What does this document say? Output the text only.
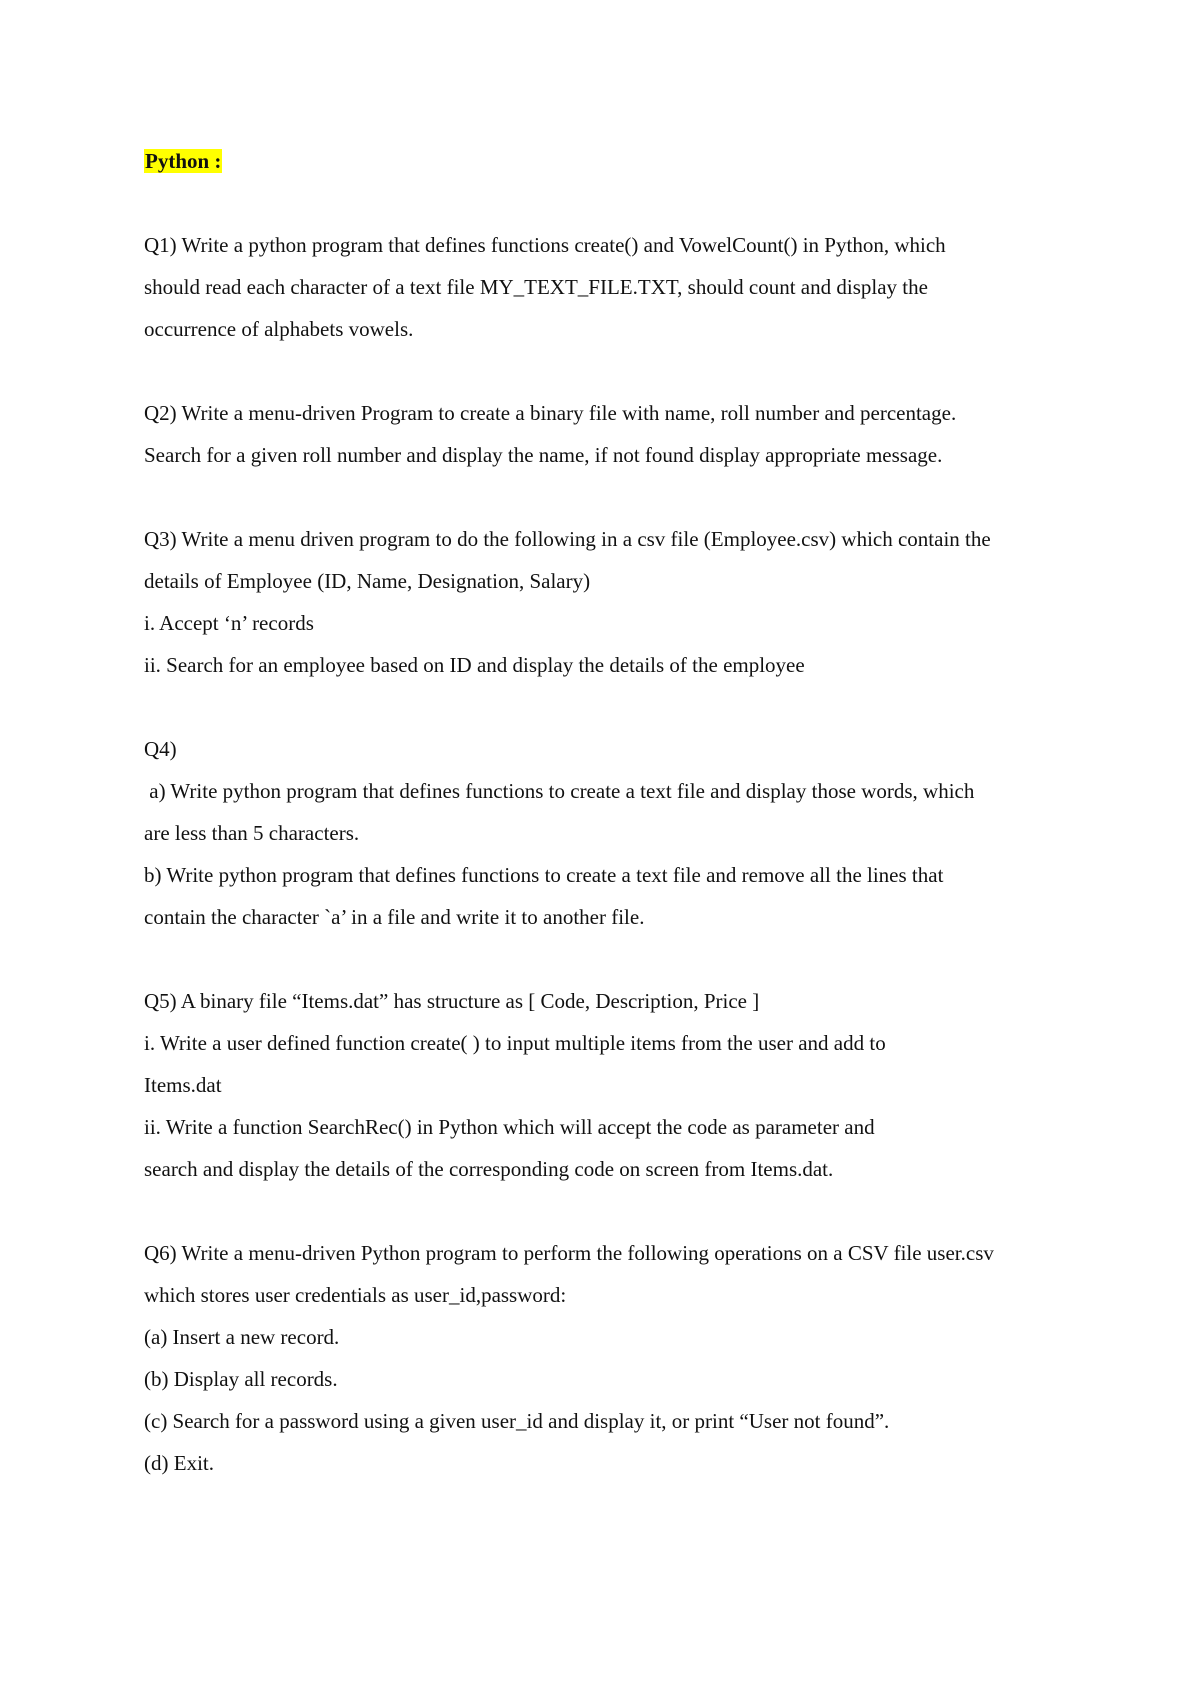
Python :

Q1) Write a python program that defines functions create() and VowelCount() in Python, which
should read each character of a text file MY_TEXT_FILE.TXT, should count and display the
occurrence of alphabets vowels.
Q2) Write a menu-driven Program to create a binary file with name, roll number and percentage.
Search for a given roll number and display the name, if not found display appropriate message.
Q3) Write a menu driven program to do the following in a csv file (Employee.csv) which contain the
details of Employee (ID, Name, Designation, Salary)
i. Accept ‘n’ records
ii. Search for an employee based on ID and display the details of the employee
Q4)
a) Write python program that defines functions to create a text file and display those words, which
are less than 5 characters.
b) Write python program that defines functions to create a text file and remove all the lines that
contain the character `a’ in a file and write it to another file.
Q5) A binary file “Items.dat” has structure as [ Code, Description, Price ]
i. Write a user defined function create( ) to input multiple items from the user and add to
Items.dat
ii. Write a function SearchRec() in Python which will accept the code as parameter and
search and display the details of the corresponding code on screen from Items.dat.
Q6) Write a menu-driven Python program to perform the following operations on a CSV file user.csv
which stores user credentials as user_id,password:
(a) Insert a new record.
(b) Display all records.
(c) Search for a password using a given user_id and display it, or print “User not found”.
(d) Exit.
